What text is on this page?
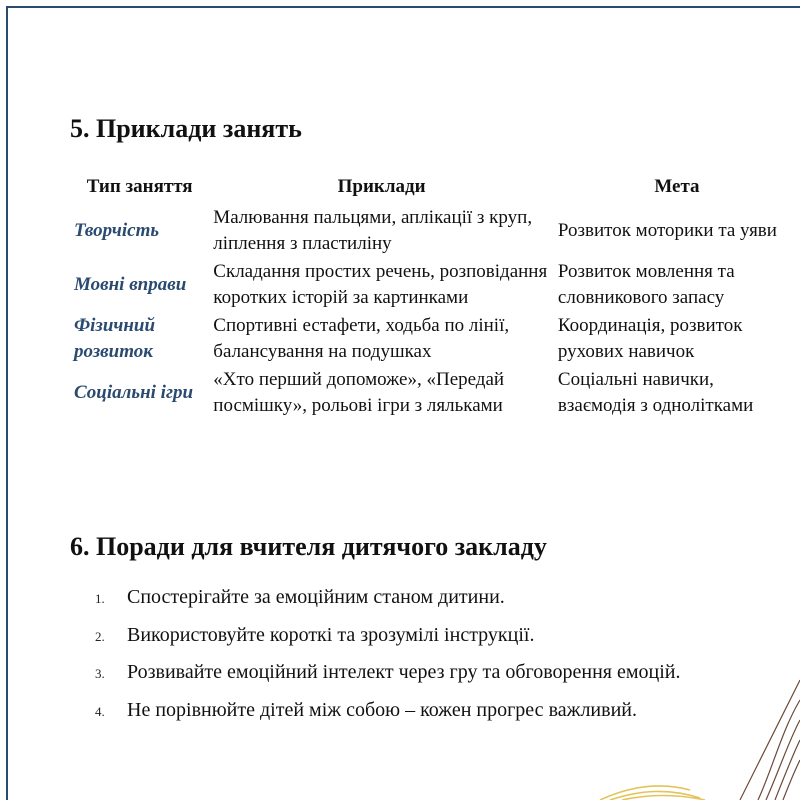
5. Приклади занять
Тип заняття	Приклади	Мета
Творчість	Малювання пальцями, аплікації з круп, ліплення з пластиліну	Розвиток моторики та уяви
Мовні вправи	Складання простих речень, розповідання коротких історій за картинками	Розвиток мовлення та словникового запасу
Фізичний розвиток	Спортивні естафети, ходьба по лінії, балансування на подушках	Координація, розвиток рухових навичок
Соціальні ігри	«Хто перший допоможе», «Передай посмішку», рольові ігри з ляльками	Соціальні навички, взаємодія з однолітками
6. Поради для вчителя дитячого закладу
1.	Спостерігайте за емоційним станом дитини.
2.	Використовуйте короткі та зрозумілі інструкції.
3.	Розвивайте емоційний інтелект через гру та обговорення емоцій.
4.	Не порівнюйте дітей між собою – кожен прогрес важливий.
